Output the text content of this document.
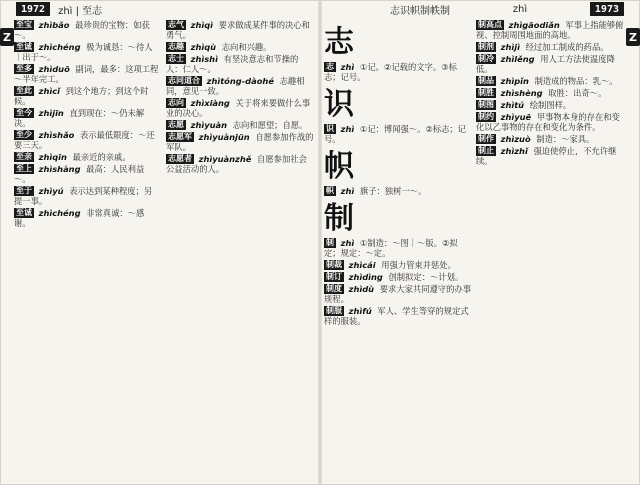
1972	zhì | 至志	志识帜制帙制	zhì	1973
Z	Z
至宝 zhìbǎo 最珍贵的宝物：如获～。
至诚 zhìchéng 极为诚恳：～待人｜出于～。
至多 zhìduō 副词，最多：这项工程～半年完工。
至此 zhìcǐ 到这个地方；到这个时候。
至今 zhìjīn 直到现在：～仍未解决。
至少 zhìshǎo 表示最低限度：～还要三天。
至亲 zhìqīn 最亲近的亲戚。
至上 zhìshàng 最高：人民利益～。
至于 zhìyú 表示达到某种程度；另提一事。
至诚 zhìchéng 非常真诚：～感谢。
志气 zhìqì 要求做成某件事的决心和勇气。
志趣 zhìqù 志向和兴趣。
志士 zhìshì 有坚决意志和节操的人：仁人～。
志同道合 zhìtóng-dàohé 志趣相同，意见一致。
志向 zhìxiàng 关于将来要做什么事业的决心。
志愿 zhìyuàn 志向和愿望；自愿。
志愿军 zhìyuànjūn 自愿参加作战的军队。
志愿者 zhìyuànzhě 自愿参加社会公益活动的人。
志
志 zhì ①记。②记载的文字。③标志；记号。
识
识 zhì ①记：博闻强～。②标志；记号。
帜
帜 zhì 旗子：独树一～。
制
制 zhì ①制造：～图｜～版。②拟定；规定：～定。
制裁 zhìcái 用强力管束并惩处。
制订 zhìdìng 创制拟定：～计划。
制度 zhìdù 要求大家共同遵守的办事规程。
制服 zhìfú 军人、学生等穿的规定式样的服装。
制高点 zhìgāodiǎn 军事上指能够俯视、控制周围地面的高地。
制剂 zhìjì 经过加工制成的药品。
制冷 zhìlěng 用人工方法使温度降低。
制品 zhìpǐn 制造成的物品：乳～。
制胜 zhìshèng 取胜：出奇～。
制图 zhìtú 绘制图样。
制约 zhìyuē 甲事物本身的存在和变化以乙事物的存在和变化为条件。
制作 zhìzuò 制造：～家具。
制止 zhìzhǐ 强迫使停止，不允许继续。
